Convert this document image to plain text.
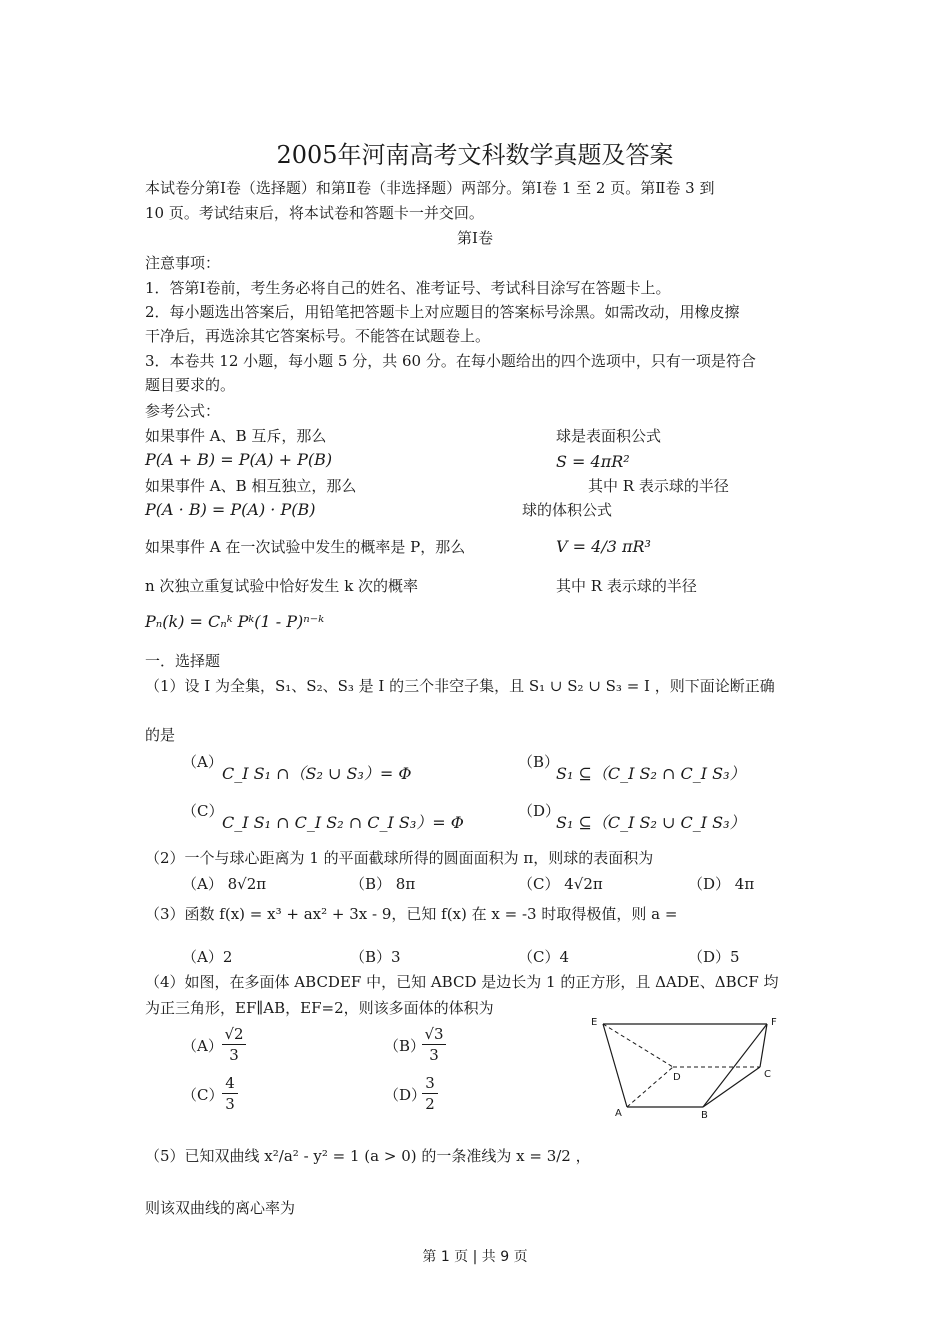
2005年河南高考文科数学真题及答案
本试卷分第Ⅰ卷（选择题）和第Ⅱ卷（非选择题）两部分。第Ⅰ卷 1 至 2 页。第Ⅱ卷 3 到
10 页。考试结束后，将本试卷和答题卡一并交回。
第Ⅰ卷
注意事项：
1．答第Ⅰ卷前，考生务必将自己的姓名、准考证号、考试科目涂写在答题卡上。
2．每小题选出答案后，用铅笔把答题卡上对应题目的答案标号涂黑。如需改动，用橡皮擦
干净后，再选涂其它答案标号。不能答在试题卷上。
3．本卷共 12 小题，每小题 5 分，共 60 分。在每小题给出的四个选项中，只有一项是符合
题目要求的。
参考公式：
如果事件 A、B 互斥，那么
P(A + B) = P(A) + P(B)
如果事件 A、B 相互独立，那么
P(A · B) = P(A) · P(B)
如果事件 A 在一次试验中发生的概率是 P，那么
n 次独立重复试验中恰好发生 k 次的概率
Pₙ(k) = Cₙᵏ Pᵏ(1 - P)ⁿ⁻ᵏ
球是表面积公式
S = 4πR²
其中 R 表示球的半径
球的体积公式
V = 4/3 πR³
其中 R 表示球的半径
一．选择题
（1）设 I 为全集，S₁、S₂、S₃ 是 I 的三个非空子集，且 S₁ ∪ S₂ ∪ S₃ = I ，则下面论断正确
的是
（A）
C_I S₁ ∩（S₂ ∪ S₃）= Φ
（B）
S₁ ⊆（C_I S₂ ∩ C_I S₃）
（C）
C_I S₁ ∩ C_I S₂ ∩ C_I S₃）= Φ
（D）
S₁ ⊆（C_I S₂ ∪ C_I S₃）
（2）一个与球心距离为 1 的平面截球所得的圆面面积为 π，则球的表面积为
（A） 8√2π	（B） 8π	（C） 4√2π	（D） 4π
（3）函数 f(x) = x³ + ax² + 3x - 9，已知 f(x) 在 x = -3 时取得极值，则 a =
（A）2	（B）3	（C）4	（D）5
（4）如图，在多面体 ABCDEF 中，已知 ABCD 是边长为 1 的正方形，且 ΔADE、ΔBCF 均
为正三角形，EF∥AB，EF=2，则该多面体的体积为
$(A) \frac{√2}{3}$	（B）
$\frac{√3}{3}$
（C）
$\frac{4}{3}$	（D）
$\frac{3}{2}$
E	F
D	C
A	B
（5）已知双曲线 x²/a² - y² = 1 (a > 0) 的一条准线为 x = 3/2 ，
则该双曲线的离心率为
第 1 页 | 共 9 页
